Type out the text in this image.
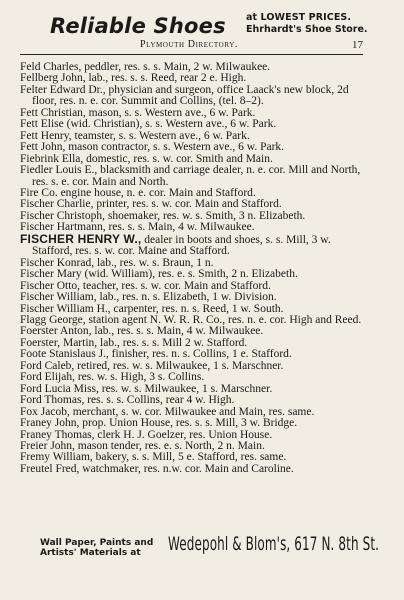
Reliable Shoes at LOWEST PRICES.
Ehrhardt's Shoe Store.
Plymouth Directory.	17
Feld Charles, peddler, res. s. s. Main, 2 w. Milwaukee.
Fellberg John, lab., res. s. s. Reed, rear 2 e. High.
Felter Edward Dr., physician and surgeon, office Laack's new block, 2d floor, res. n. e. cor. Summit and Collins, (tel. 8–2).
Fett Christian, mason, s. s. Western ave., 6 w. Park.
Fett Elise (wid. Christian), s. s. Western ave., 6 w. Park.
Fett Henry, teamster, s. s. Western ave., 6 w. Park.
Fett John, mason contractor, s. s. Western ave., 6 w. Park.
Fiebrink Ella, domestic, res. s. w. cor. Smith and Main.
Fiedler Louis E., blacksmith and carriage dealer, n. e. cor. Mill and North, res. s. e. cor. Main and North.
Fire Co. engine house, n. e. cor. Main and Stafford.
Fischer Charlie, printer, res. s. w. cor. Main and Stafford.
Fischer Christoph, shoemaker, res. w. s. Smith, 3 n. Elizabeth.
Fischer Hartmann, res. s. s. Main, 4 w. Milwaukee.
FISCHER HENRY W., dealer in boots and shoes, s. s. Mill, 3 w. Stafford, res. s. w. cor. Maine and Stafford.
Fischer Konrad, lab., res. w. s. Braun, 1 n.
Fischer Mary (wid. William), res. e. s. Smith, 2 n. Elizabeth.
Fischer Otto, teacher, res. s. w. cor. Main and Stafford.
Fischer William, lab., res. n. s. Elizabeth, 1 w. Division.
Fischer William H., carpenter, res. n. s. Reed, 1 w. South.
Flagg George, station agent N. W. R. R. Co., res. n. e. cor. High and Reed.
Foerster Anton, lab., res. s. s. Main, 4 w. Milwaukee.
Foerster, Martin, lab., res. s. s. Mill 2 w. Stafford.
Foote Stanislaus J., finisher, res. n. s. Collins, 1 e. Stafford.
Ford Caleb, retired, res. w. s. Milwaukee, 1 s. Marschner.
Ford Elijah, res. w. s. High, 3 s. Collins.
Ford Lucia Miss, res. w. s. Milwaukee, 1 s. Marschner.
Ford Thomas, res. s. s. Collins, rear 4 w. High.
Fox Jacob, merchant, s. w. cor. Milwaukee and Main, res. same.
Franey John, prop. Union House, res. s. s. Mill, 3 w. Bridge.
Franey Thomas, clerk H. J. Goelzer, res. Union House.
Freier John, mason tender, res. e. s. North, 2 n. Main.
Fremy William, bakery, s. s. Mill, 5 e. Stafford, res. same.
Freutel Fred, watchmaker, res. n.w. cor. Main and Caroline.
Wall Paper, Paints and
Artists' Materials at Wedepohl & Blom's, 617 N. 8th St.
